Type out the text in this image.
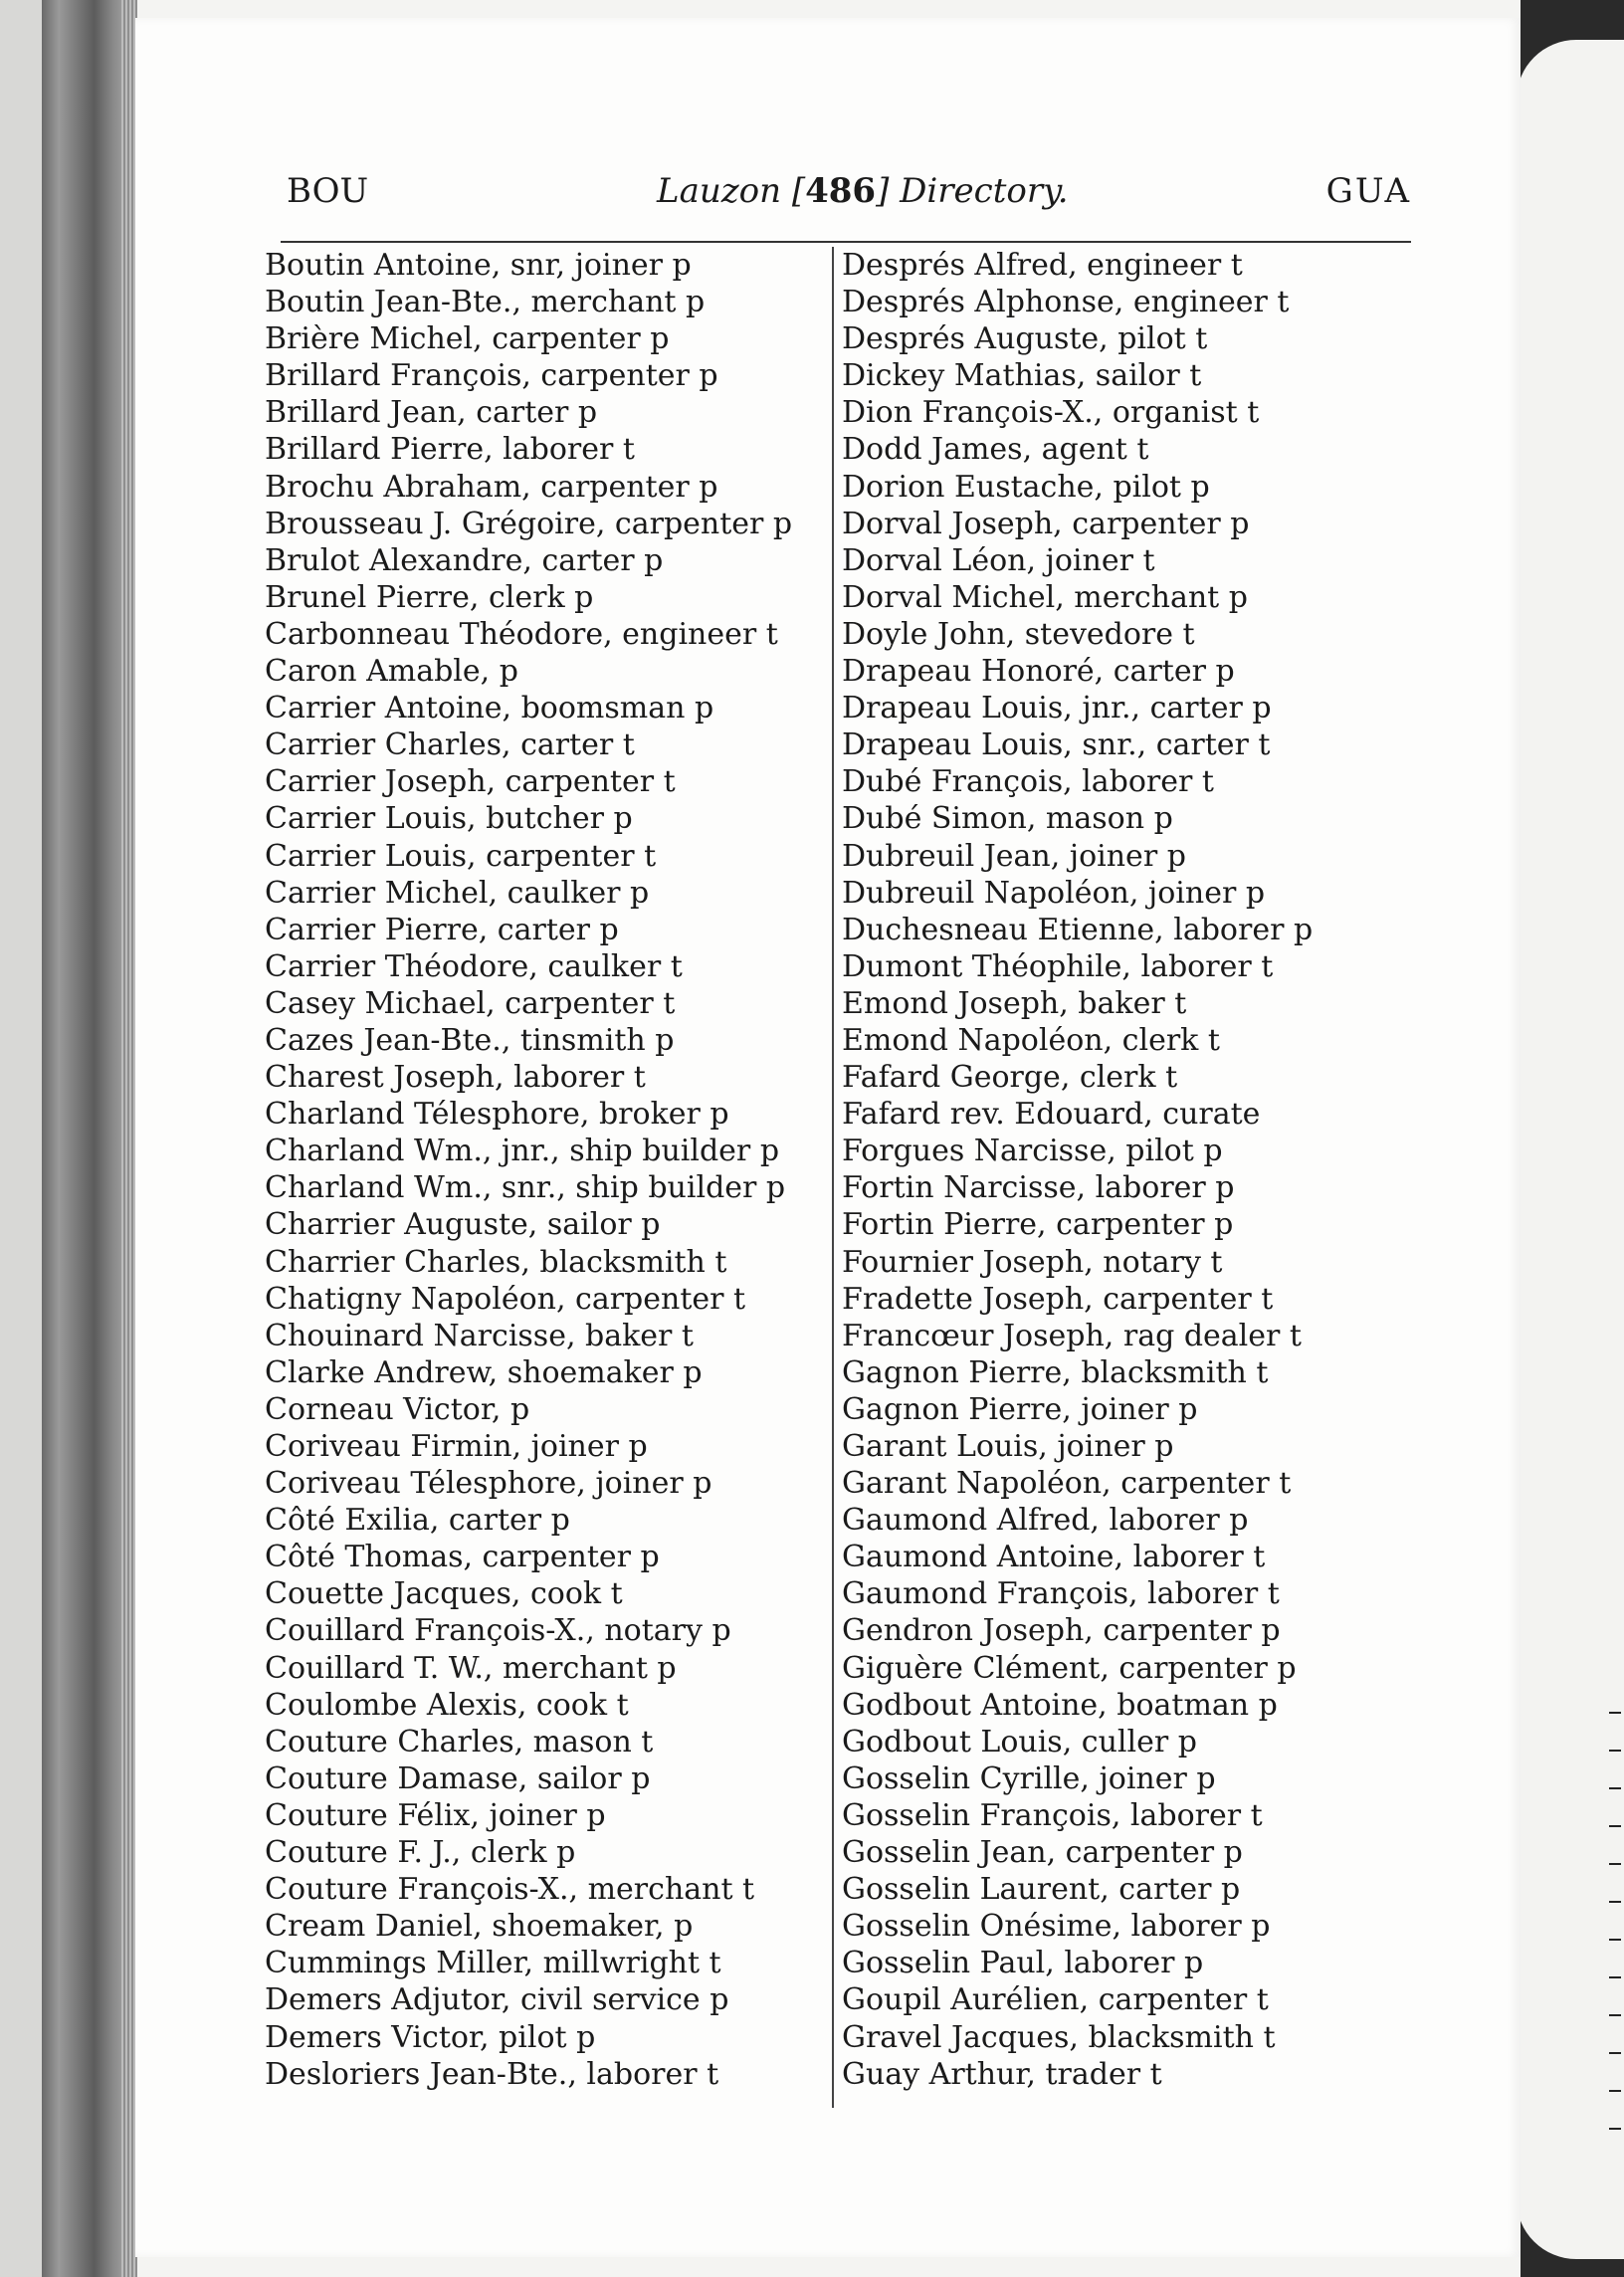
BOU	Lauzon [486] Directory.	GUA
Boutin Antoine, snr, joiner p
Boutin Jean-Bte., merchant p
Brière Michel, carpenter p
Brillard François, carpenter p
Brillard Jean, carter p
Brillard Pierre, laborer t
Brochu Abraham, carpenter p
Brousseau J. Grégoire, carpenter p
Brulot Alexandre, carter p
Brunel Pierre, clerk p
Carbonneau Théodore, engineer t
Caron Amable, p
Carrier Antoine, boomsman p
Carrier Charles, carter t
Carrier Joseph, carpenter t
Carrier Louis, butcher p
Carrier Louis, carpenter t
Carrier Michel, caulker p
Carrier Pierre, carter p
Carrier Théodore, caulker t
Casey Michael, carpenter t
Cazes Jean-Bte., tinsmith p
Charest Joseph, laborer t
Charland Télesphore, broker p
Charland Wm., jnr., ship builder p
Charland Wm., snr., ship builder p
Charrier Auguste, sailor p
Charrier Charles, blacksmith t
Chatigny Napoléon, carpenter t
Chouinard Narcisse, baker t
Clarke Andrew, shoemaker p
Corneau Victor, p
Coriveau Firmin, joiner p
Coriveau Télesphore, joiner p
Côté Exilia, carter p
Côté Thomas, carpenter p
Couette Jacques, cook t
Couillard François-X., notary p
Couillard T. W., merchant p
Coulombe Alexis, cook t
Couture Charles, mason t
Couture Damase, sailor p
Couture Félix, joiner p
Couture F. J., clerk p
Couture François-X., merchant t
Cream Daniel, shoemaker, p
Cummings Miller, millwright t
Demers Adjutor, civil service p
Demers Victor, pilot p
Desloriers Jean-Bte., laborer t
Després Alfred, engineer t
Després Alphonse, engineer t
Després Auguste, pilot t
Dickey Mathias, sailor t
Dion François-X., organist t
Dodd James, agent t
Dorion Eustache, pilot p
Dorval Joseph, carpenter p
Dorval Léon, joiner t
Dorval Michel, merchant p
Doyle John, stevedore t
Drapeau Honoré, carter p
Drapeau Louis, jnr., carter p
Drapeau Louis, snr., carter t
Dubé François, laborer t
Dubé Simon, mason p
Dubreuil Jean, joiner p
Dubreuil Napoléon, joiner p
Duchesneau Etienne, laborer p
Dumont Théophile, laborer t
Emond Joseph, baker t
Emond Napoléon, clerk t
Fafard George, clerk t
Fafard rev. Edouard, curate
Forgues Narcisse, pilot p
Fortin Narcisse, laborer p
Fortin Pierre, carpenter p
Fournier Joseph, notary t
Fradette Joseph, carpenter t
Francœur Joseph, rag dealer t
Gagnon Pierre, blacksmith t
Gagnon Pierre, joiner p
Garant Louis, joiner p
Garant Napoléon, carpenter t
Gaumond Alfred, laborer p
Gaumond Antoine, laborer t
Gaumond François, laborer t
Gendron Joseph, carpenter p
Giguère Clément, carpenter p
Godbout Antoine, boatman p
Godbout Louis, culler p
Gosselin Cyrille, joiner p
Gosselin François, laborer t
Gosselin Jean, carpenter p
Gosselin Laurent, carter p
Gosselin Onésime, laborer p
Gosselin Paul, laborer p
Goupil Aurélien, carpenter t
Gravel Jacques, blacksmith t
Guay Arthur, trader t
